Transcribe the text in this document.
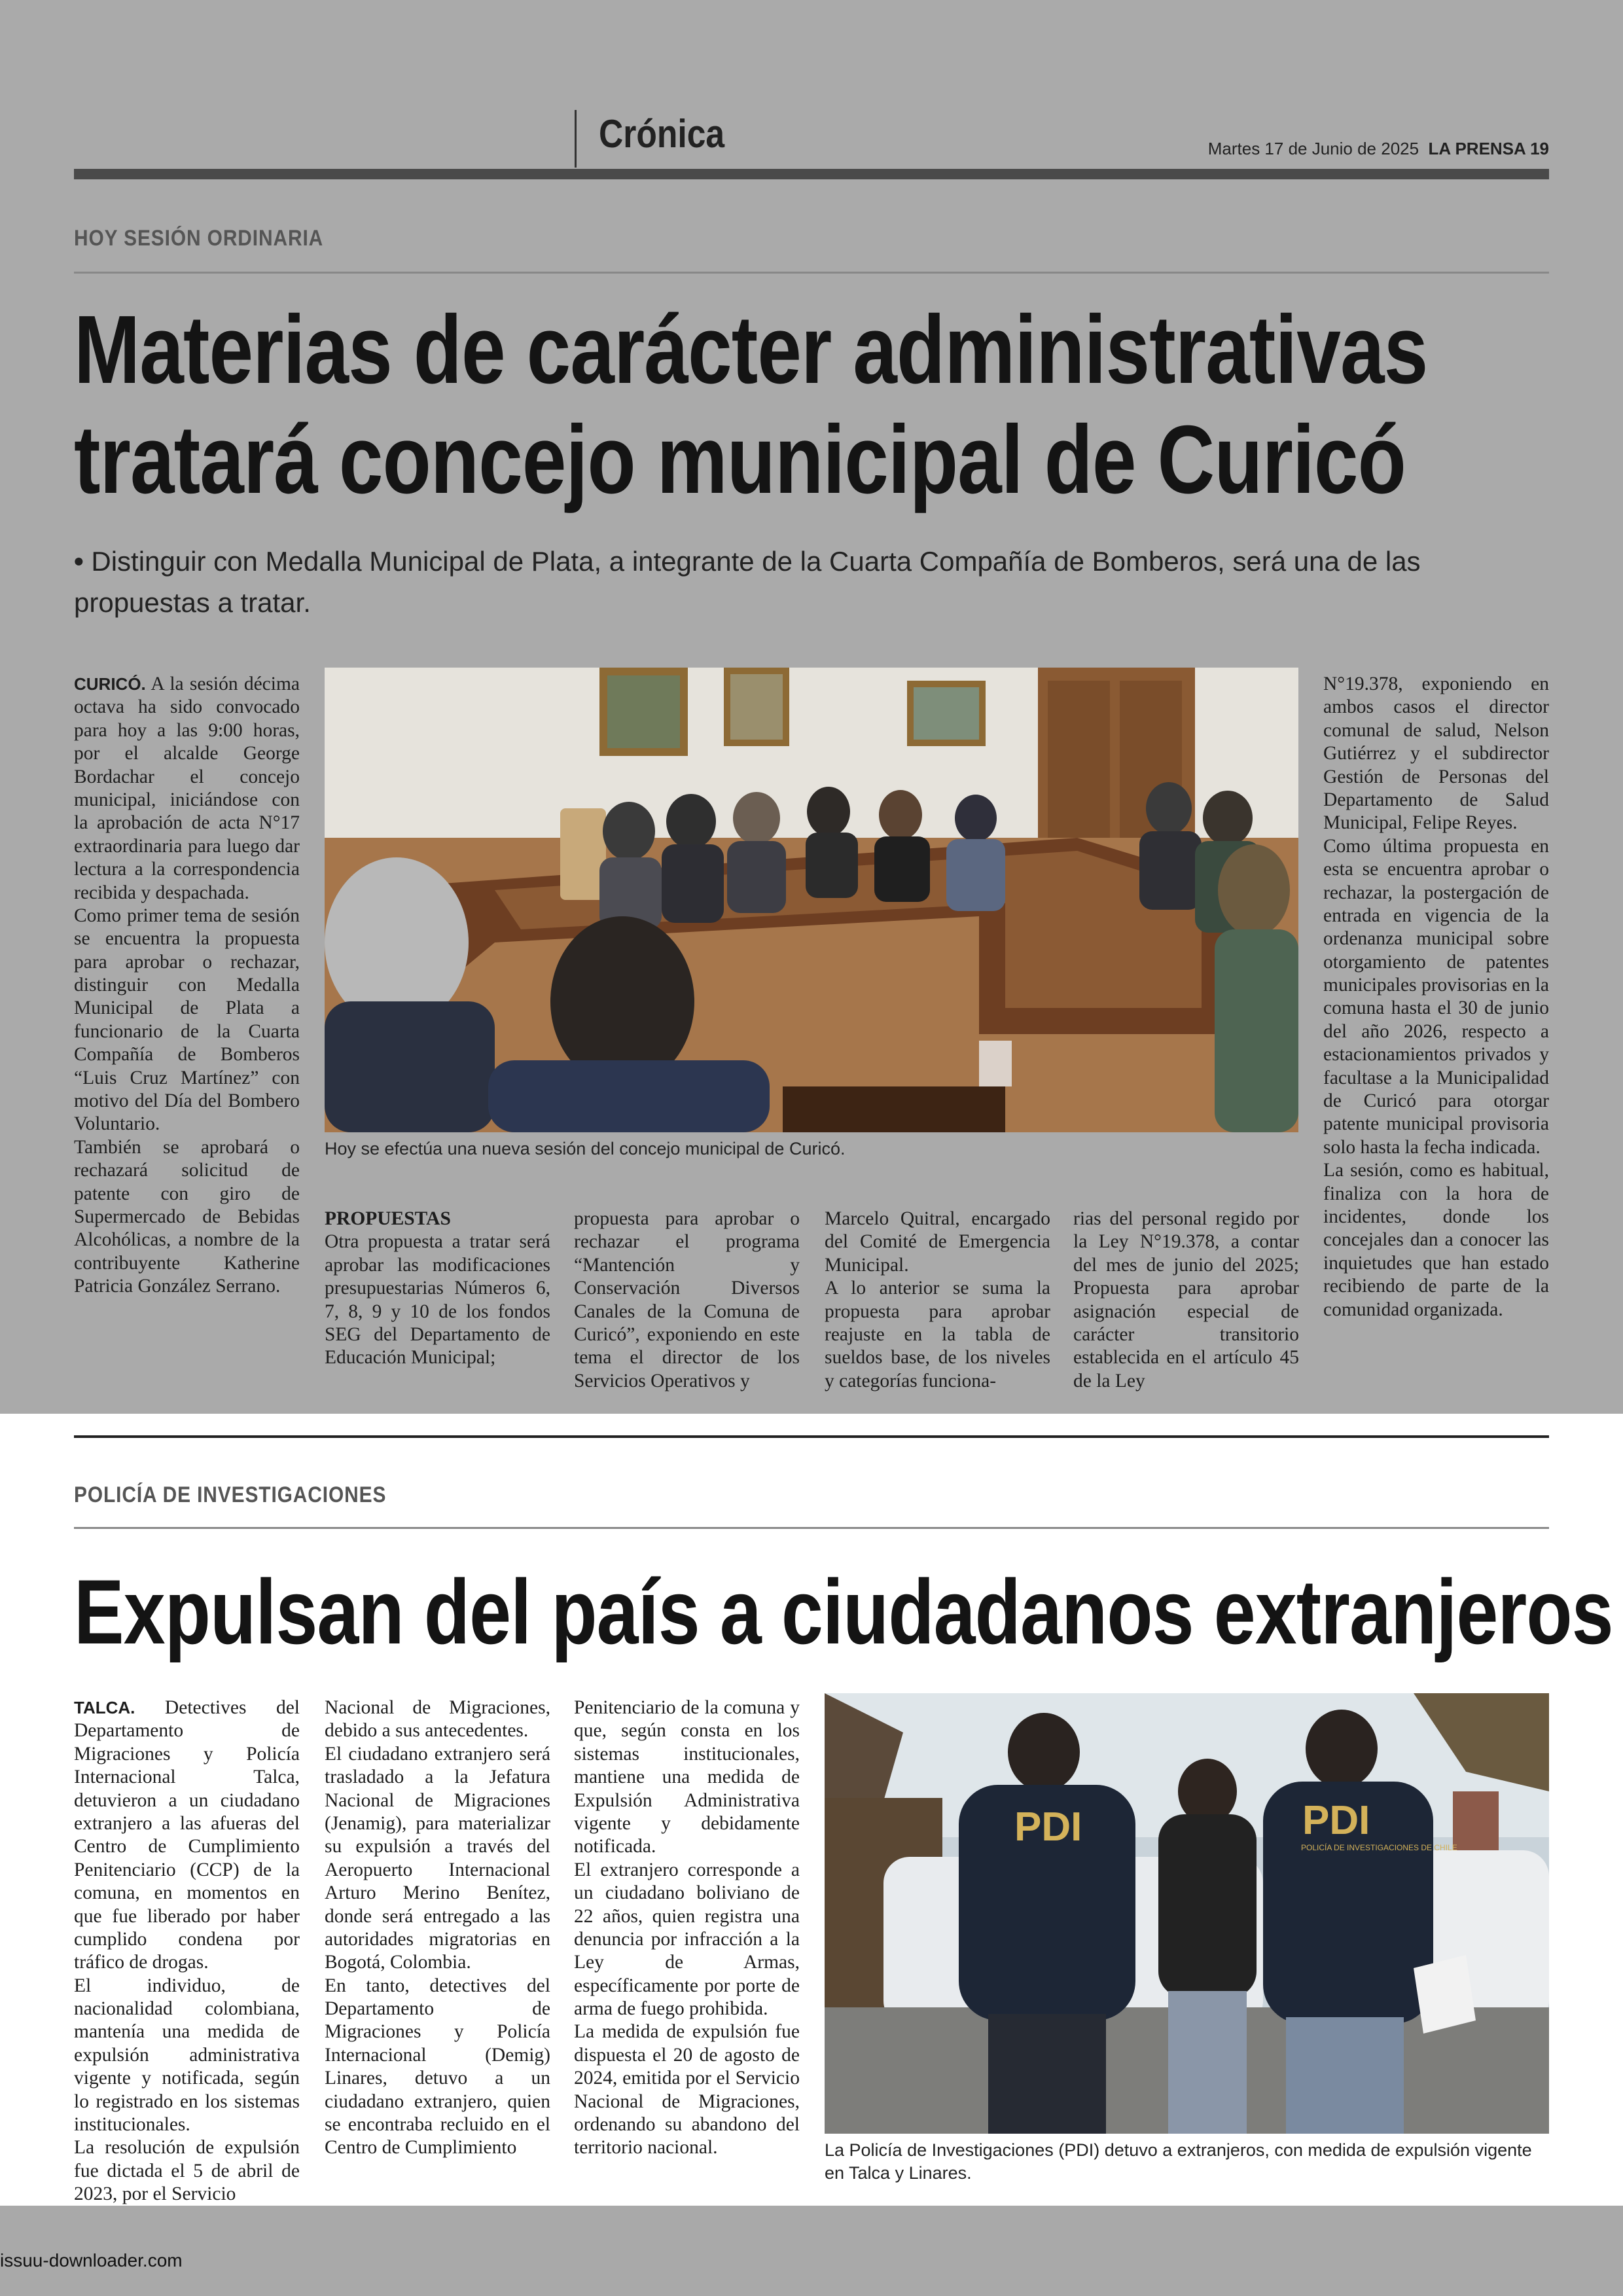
Crónica	Martes 17 de Junio de 2025 LA PRENSA 19
HOY SESIÓN ORDINARIA
Materias de carácter administrativas
tratará concejo municipal de Curicó
• Distinguir con Medalla Municipal de Plata, a integrante de la Cuarta Compañía de Bomberos, será una de las propuestas a tratar.

CURICÓ. A la sesión décima octava ha sido convocado para hoy a las 9:00 horas, por el alcalde George Bordachar el concejo municipal, iniciándose con la aprobación de acta N°17 extraordinaria para luego dar lectura a la correspondencia recibida y despachada.

Como primer tema de sesión se encuentra la propuesta para aprobar o rechazar, distinguir con Medalla Municipal de Plata a funcionario de la Cuarta Compañía de Bomberos “Luis Cruz Martínez” con motivo del Día del Bombero Voluntario.

También se aprobará o rechazará solicitud de patente con giro de Supermercado de Bebidas Alcohólicas, a nombre de la contribuyente Katherine Patricia González Serrano.

Hoy se efectúa una nueva sesión del concejo municipal de Curicó.

PROPUESTAS

Otra propuesta a tratar será aprobar las modificaciones presupuestarias Números 6, 7, 8, 9 y 10 de los fondos SEG del Departamento de Educación Municipal;

propuesta para aprobar o rechazar el programa “Mantención y Conservación Diversos Canales de la Comuna de Curicó”, exponiendo en este tema el director de los Servicios Operativos y

Marcelo Quitral, encargado del Comité de Emergencia Municipal.

A lo anterior se suma la propuesta para aprobar reajuste en la tabla de sueldos base, de los niveles y categorías funciona-

rias del personal regido por la Ley N°19.378, a contar del mes de junio del 2025; Propuesta para aprobar asignación especial de carácter transitorio establecida en el artículo 45 de la Ley

N°19.378, exponiendo en ambos casos el director comunal de salud, Nelson Gutiérrez y el subdirector Gestión de Personas del Departamento de Salud Municipal, Felipe Reyes.

Como última propuesta en esta se encuentra aprobar o rechazar, la postergación de entrada en vigencia de la ordenanza municipal sobre otorgamiento de patentes municipales provisorias en la comuna hasta el 30 de junio del año 2026, respecto a estacionamientos privados y facultase a la Municipalidad de Curicó para otorgar patente municipal provisoria solo hasta la fecha indicada.

La sesión, como es habitual, finaliza con la hora de incidentes, donde los concejales dan a conocer las inquietudes que han estado recibiendo de parte de la comunidad organizada.

POLICÍA DE INVESTIGACIONES
Expulsan del país a ciudadanos extranjeros

TALCA. Detectives del Departamento de Migraciones y Policía Internacional Talca, detuvieron a un ciudadano extranjero a las afueras del Centro de Cumplimiento Penitenciario (CCP) de la comuna, en momentos en que fue liberado por haber cumplido condena por tráfico de drogas.

El individuo, de nacionalidad colombiana, mantenía una medida de expulsión administrativa vigente y notificada, según lo registrado en los sistemas institucionales.

La resolución de expulsión fue dictada el 5 de abril de 2023, por el Servicio

Nacional de Migraciones, debido a sus antecedentes.

El ciudadano extranjero será trasladado a la Jefatura Nacional de Migraciones (Jenamig), para materializar su expulsión a través del Aeropuerto Internacional Arturo Merino Benítez, donde será entregado a las autoridades migratorias en Bogotá, Colombia.

En tanto, detectives del Departamento de Migraciones y Policía Internacional (Demig) Linares, detuvo a un ciudadano extranjero, quien se encontraba recluido en el Centro de Cumplimiento

Penitenciario de la comuna y que, según consta en los sistemas institucionales, mantiene una medida de Expulsión Administrativa vigente y debidamente notificada.

El extranjero corresponde a un ciudadano boliviano de 22 años, quien registra una denuncia por infracción a la Ley de Armas, específicamente por porte de arma de fuego prohibida.

La medida de expulsión fue dispuesta el 20 de agosto de 2024, emitida por el Servicio Nacional de Migraciones, ordenando su abandono del territorio nacional.

PDI	PDI
POLICÍA DE INVESTIGACIONES DE CHILE
La Policía de Investigaciones (PDI) detuvo a extranjeros, con medida de expulsión vigente en Talca y Linares.
issuu-downloader.com
